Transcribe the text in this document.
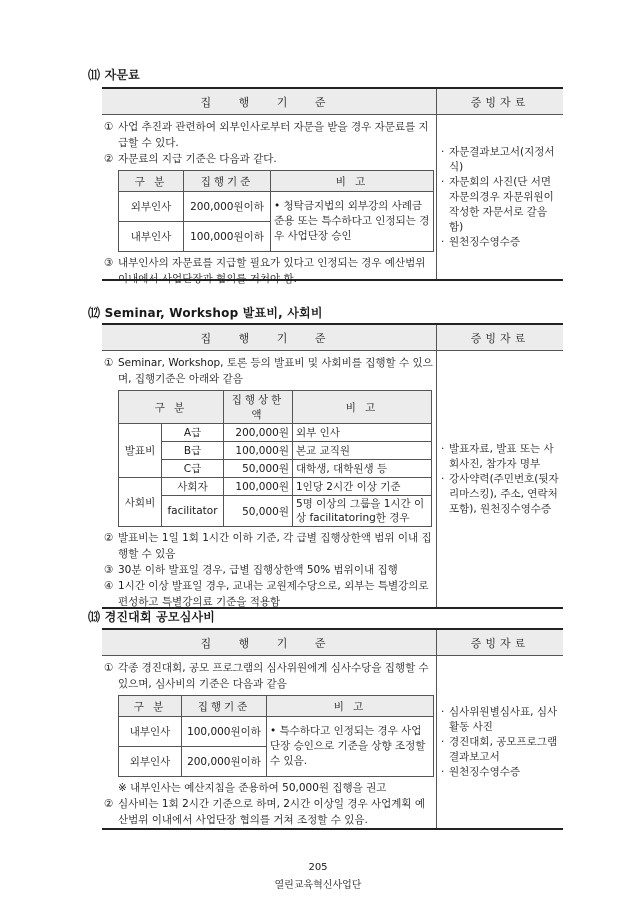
⑾ 자문료
집 행 기 준	증빙자료
① 사업 추진과 관련하여 외부인사로부터 자문을 받을 경우 자문료를 지급할 수 있다.
② 자문료의 지급 기준은 다음과 같다.
구 분	집행기준	비 고
외부인사	200,000원이하	• 청탁금지법의 외부강의 사례금 준용 또는 특수하다고 인정되는 경우 사업단장 승인
내부인사	100,000원이하	
③ 내부인사의 자문료를 지급할 필요가 있다고 인정되는 경우 예산범위 이내에서 사업단장과 협의를 거쳐야 함.
· 자문결과보고서(지정서식)
· 자문회의 사진(단 서면 자문의경우 자문위원이 작성한 자문서로 갈음함)
· 원천징수영수증
⑿ Seminar, Workshop 발표비, 사회비
집 행 기 준	증빙자료
① Seminar, Workshop, 토론 등의 발표비 및 사회비를 집행할 수 있으며, 집행기준은 아래와 같음
구 분		집행상한액	비 고
발표비	A급	200,000원	외부 인사
	B급	100,000원	본교 교직원
	C급	50,000원	대학생, 대학원생 등
사회비	사회자	100,000원	1인당 2시간 이상 기준
	facilitator	50,000원	5명 이상의 그룹을 1시간 이상 facilitatoring한 경우
② 발표비는 1일 1회 1시간 이하 기준, 각 급별 집행상한액 범위 이내 집행할 수 있음
③ 30분 이하 발표일 경우, 급별 집행상한액 50% 범위이내 집행
④ 1시간 이상 발표일 경우, 교내는 교원제수당으로, 외부는 특별강의로 편성하고 특별강의료 기준을 적용함
· 발표자료, 발표 또는 사회사진, 참가자 명부
· 강사약력(주민번호(뒷자리마스킹), 주소, 연락처 포함), 원천징수영수증
⒀ 경진대회 공모심사비
집 행 기 준	증빙자료
① 각종 경진대회, 공모 프로그램의 심사위원에게 심사수당을 집행할 수 있으며, 심사비의 기준은 다음과 같음
구 분	집행기준	비 고
내부인사	100,000원이하	• 특수하다고 인정되는 경우 사업단장 승인으로 기준을 상향 조정할 수 있음.
외부인사	200,000원이하	
※ 내부인사는 예산지침을 준용하여 50,000원 집행을 권고
② 심사비는 1회 2시간 기준으로 하며, 2시간 이상일 경우 사업계획 예산범위 이내에서 사업단장 협의를 거쳐 조정할 수 있음.
· 심사위원별심사표, 심사활동 사진
· 경진대회, 공모프로그램 결과보고서
· 원천징수영수증
205
열린교육혁신사업단
